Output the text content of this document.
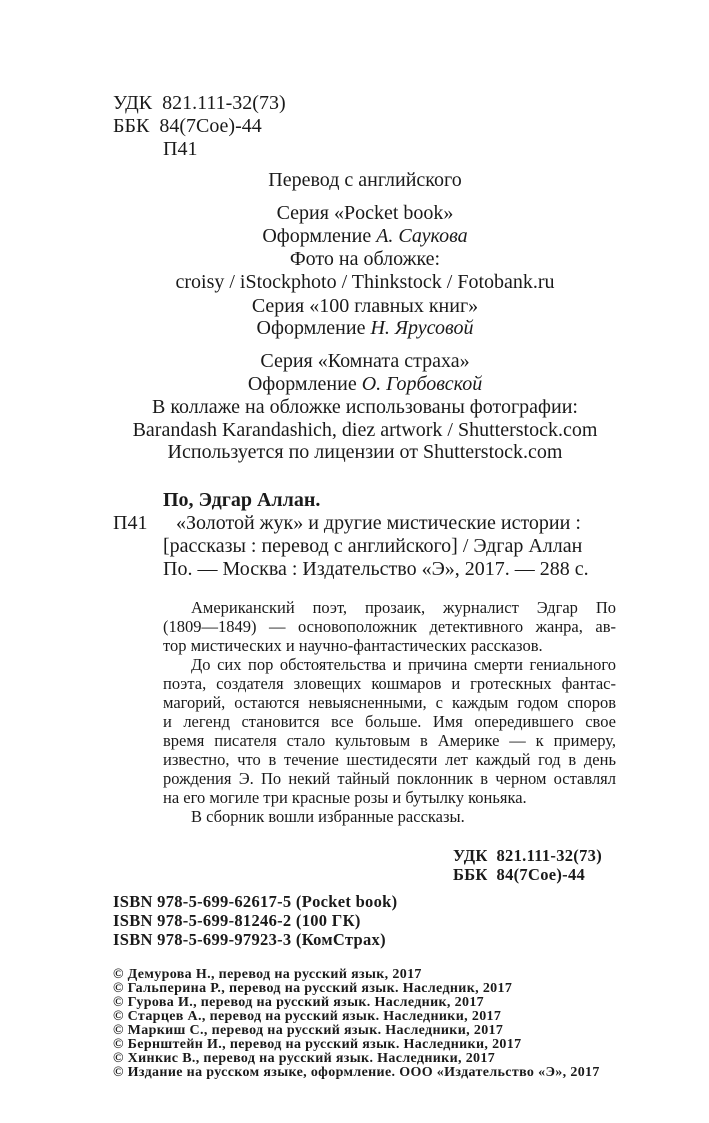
УДК 821.111-32(73)
ББК 84(7Сое)-44
П41
Перевод с английского
Серия «Pocket book»
Оформление А. Саукова
Фото на обложке:
croisy / iStockphoto / Thinkstock / Fotobank.ru
Серия «100 главных книг»
Оформление Н. Ярусовой
Серия «Комната страха»
Оформление О. Горбовской
В коллаже на обложке использованы фотографии:
Barandash Karandashich, diez artwork / Shutterstock.com
Используется по лицензии от Shutterstock.com
По, Эдгар Аллан.
П41 «Золотой жук» и другие мистические истории :
[рассказы : перевод с английского] / Эдгар Аллан
По. — Москва : Издательство «Э», 2017. — 288 с.
Американский поэт, прозаик, журналист Эдгар По
(1809—1849) — основоположник детективного жанра, ав-
тор мистических и научно-фантастических рассказов.
До сих пор обстоятельства и причина смерти гениального
поэта, создателя зловещих кошмаров и гротескных фантас-
магорий, остаются невыясненными, с каждым годом споров
и легенд становится все больше. Имя опередившего свое
время писателя стало культовым в Америке — к примеру,
известно, что в течение шестидесяти лет каждый год в день
рождения Э. По некий тайный поклонник в черном оставлял
на его могиле три красные розы и бутылку коньяка.
В сборник вошли избранные рассказы.
УДК  821.111-32(73)
ББК  84(7Сое)-44
ISBN 978-5-699-62617-5 (Pocket book)
ISBN 978-5-699-81246-2 (100 ГК)
ISBN 978-5-699-97923-3 (КомСтрах)
© Демурова Н., перевод на русский язык, 2017
© Гальперина Р., перевод на русский язык. Наследник, 2017
© Гурова И., перевод на русский язык. Наследник, 2017
© Старцев А., перевод на русский язык. Наследники, 2017
© Маркиш С., перевод на русский язык. Наследники, 2017
© Бернштейн И., перевод на русский язык. Наследники, 2017
© Хинкис В., перевод на русский язык. Наследники, 2017
© Издание на русском языке, оформление. ООО «Издательство «Э», 2017
